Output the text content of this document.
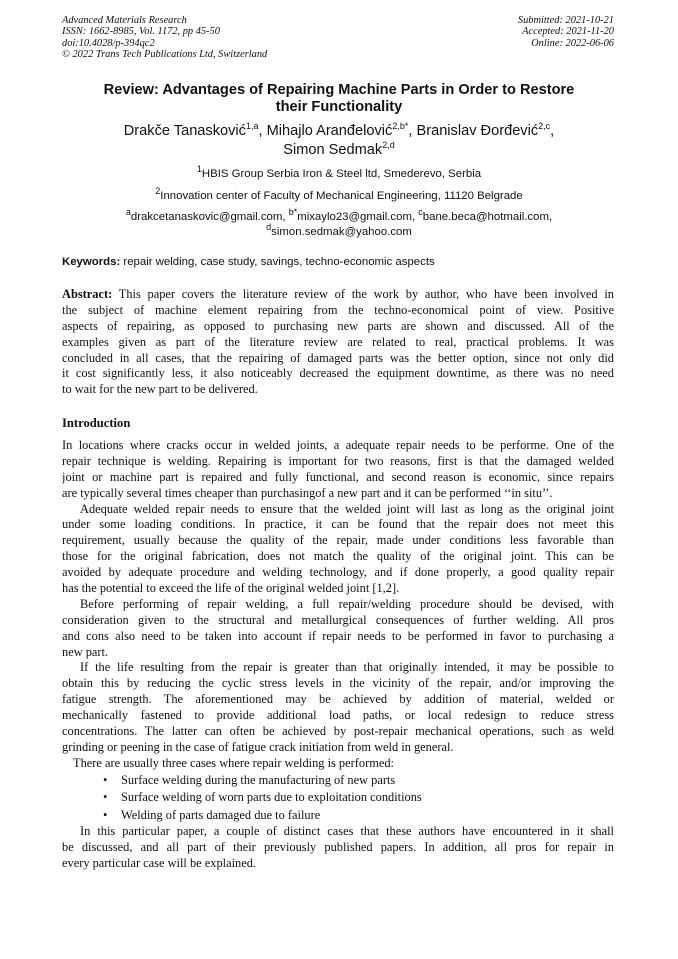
Advanced Materials Research
ISSN: 1662-8985, Vol. 1172, pp 45-50
doi:10.4028/p-394qc2
© 2022 Trans Tech Publications Ltd, Switzerland
Submitted: 2021-10-21
Accepted: 2021-11-20
Online: 2022-06-06
Review: Advantages of Repairing Machine Parts in Order to Restore
their Functionality
Drakče Tanasković$^{1,a}$, Mihajlo Aranđelović$^{2,b*}$, Branislav Đorđević$^{2,c}$,
Simon Sedmak$^{2,d}$
$^1$HBIS Group Serbia Iron & Steel ltd, Smederevo, Serbia
$^2$Innovation center of Faculty of Mechanical Engineering, 11120 Belgrade
$^a$drakcetanaskovic@gmail.com, $^{b*}$mixaylo23@gmail.com, $^c$bane.beca@hotmail.com,
$^d$simon.sedmak@yahoo.com
Keywords: repair welding, case study, savings, techno-economic aspects
Abstract: This paper covers the literature review of the work by author, who have been involved in
the subject of machine element repairing from the techno-economical point of view. Positive
aspects of repairing, as opposed to purchasing new parts are shown and discussed. All of the
examples given as part of the literature review are related to real, practical problems. It was
concluded in all cases, that the repairing of damaged parts was the better option, since not only did
it cost significantly less, it also noticeably decreased the equipment downtime, as there was no need
to wait for the new part to be delivered.
Introduction
In locations where cracks occur in welded joints, a adequate repair needs to be performe. One of the
repair technique is welding. Repairing is important for two reasons, first is that the damaged welded
joint or machine part is repaired and fully functional, and second reason is economic, since repairs
are typically several times cheaper than purchasingof a new part and it can be performed ‘‘in situ’’.
Adequate welded repair needs to ensure that the welded joint will last as long as the original joint
under some loading conditions. In practice, it can be found that the repair does not meet this
requirement, usually because the quality of the repair, made under conditions less favorable than
those for the original fabrication, does not match the quality of the original joint. This can be
avoided by adequate procedure and welding technology, and if done properly, a good quality repair
has the potential to exceed the life of the original welded joint [1,2].
Before performing of repair welding, a full repair/welding procedure should be devised, with
consideration given to the structural and metallurgical consequences of further welding. All pros
and cons also need to be taken into account if repair needs to be performed in favor to purchasing a
new part.
If the life resulting from the repair is greater than that originally intended, it may be possible to
obtain this by reducing the cyclic stress levels in the vicinity of the repair, and/or improving the
fatigue strength. The aforementioned may be achieved by addition of material, welded or
mechanically fastened to provide additional load paths, or local redesign to reduce stress
concentrations. The latter can often be achieved by post-repair mechanical operations, such as weld
grinding or peening in the case of fatigue crack initiation from weld in general.
There are usually three cases where repair welding is performed:
• Surface welding during the manufacturing of new parts
• Surface welding of worn parts due to exploitation conditions
• Welding of parts damaged due to failure
In this particular paper, a couple of distinct cases that these authors have encountered in it shall
be discussed, and all part of their previously published papers. In addition, all pros for repair in
every particular case will be explained.
